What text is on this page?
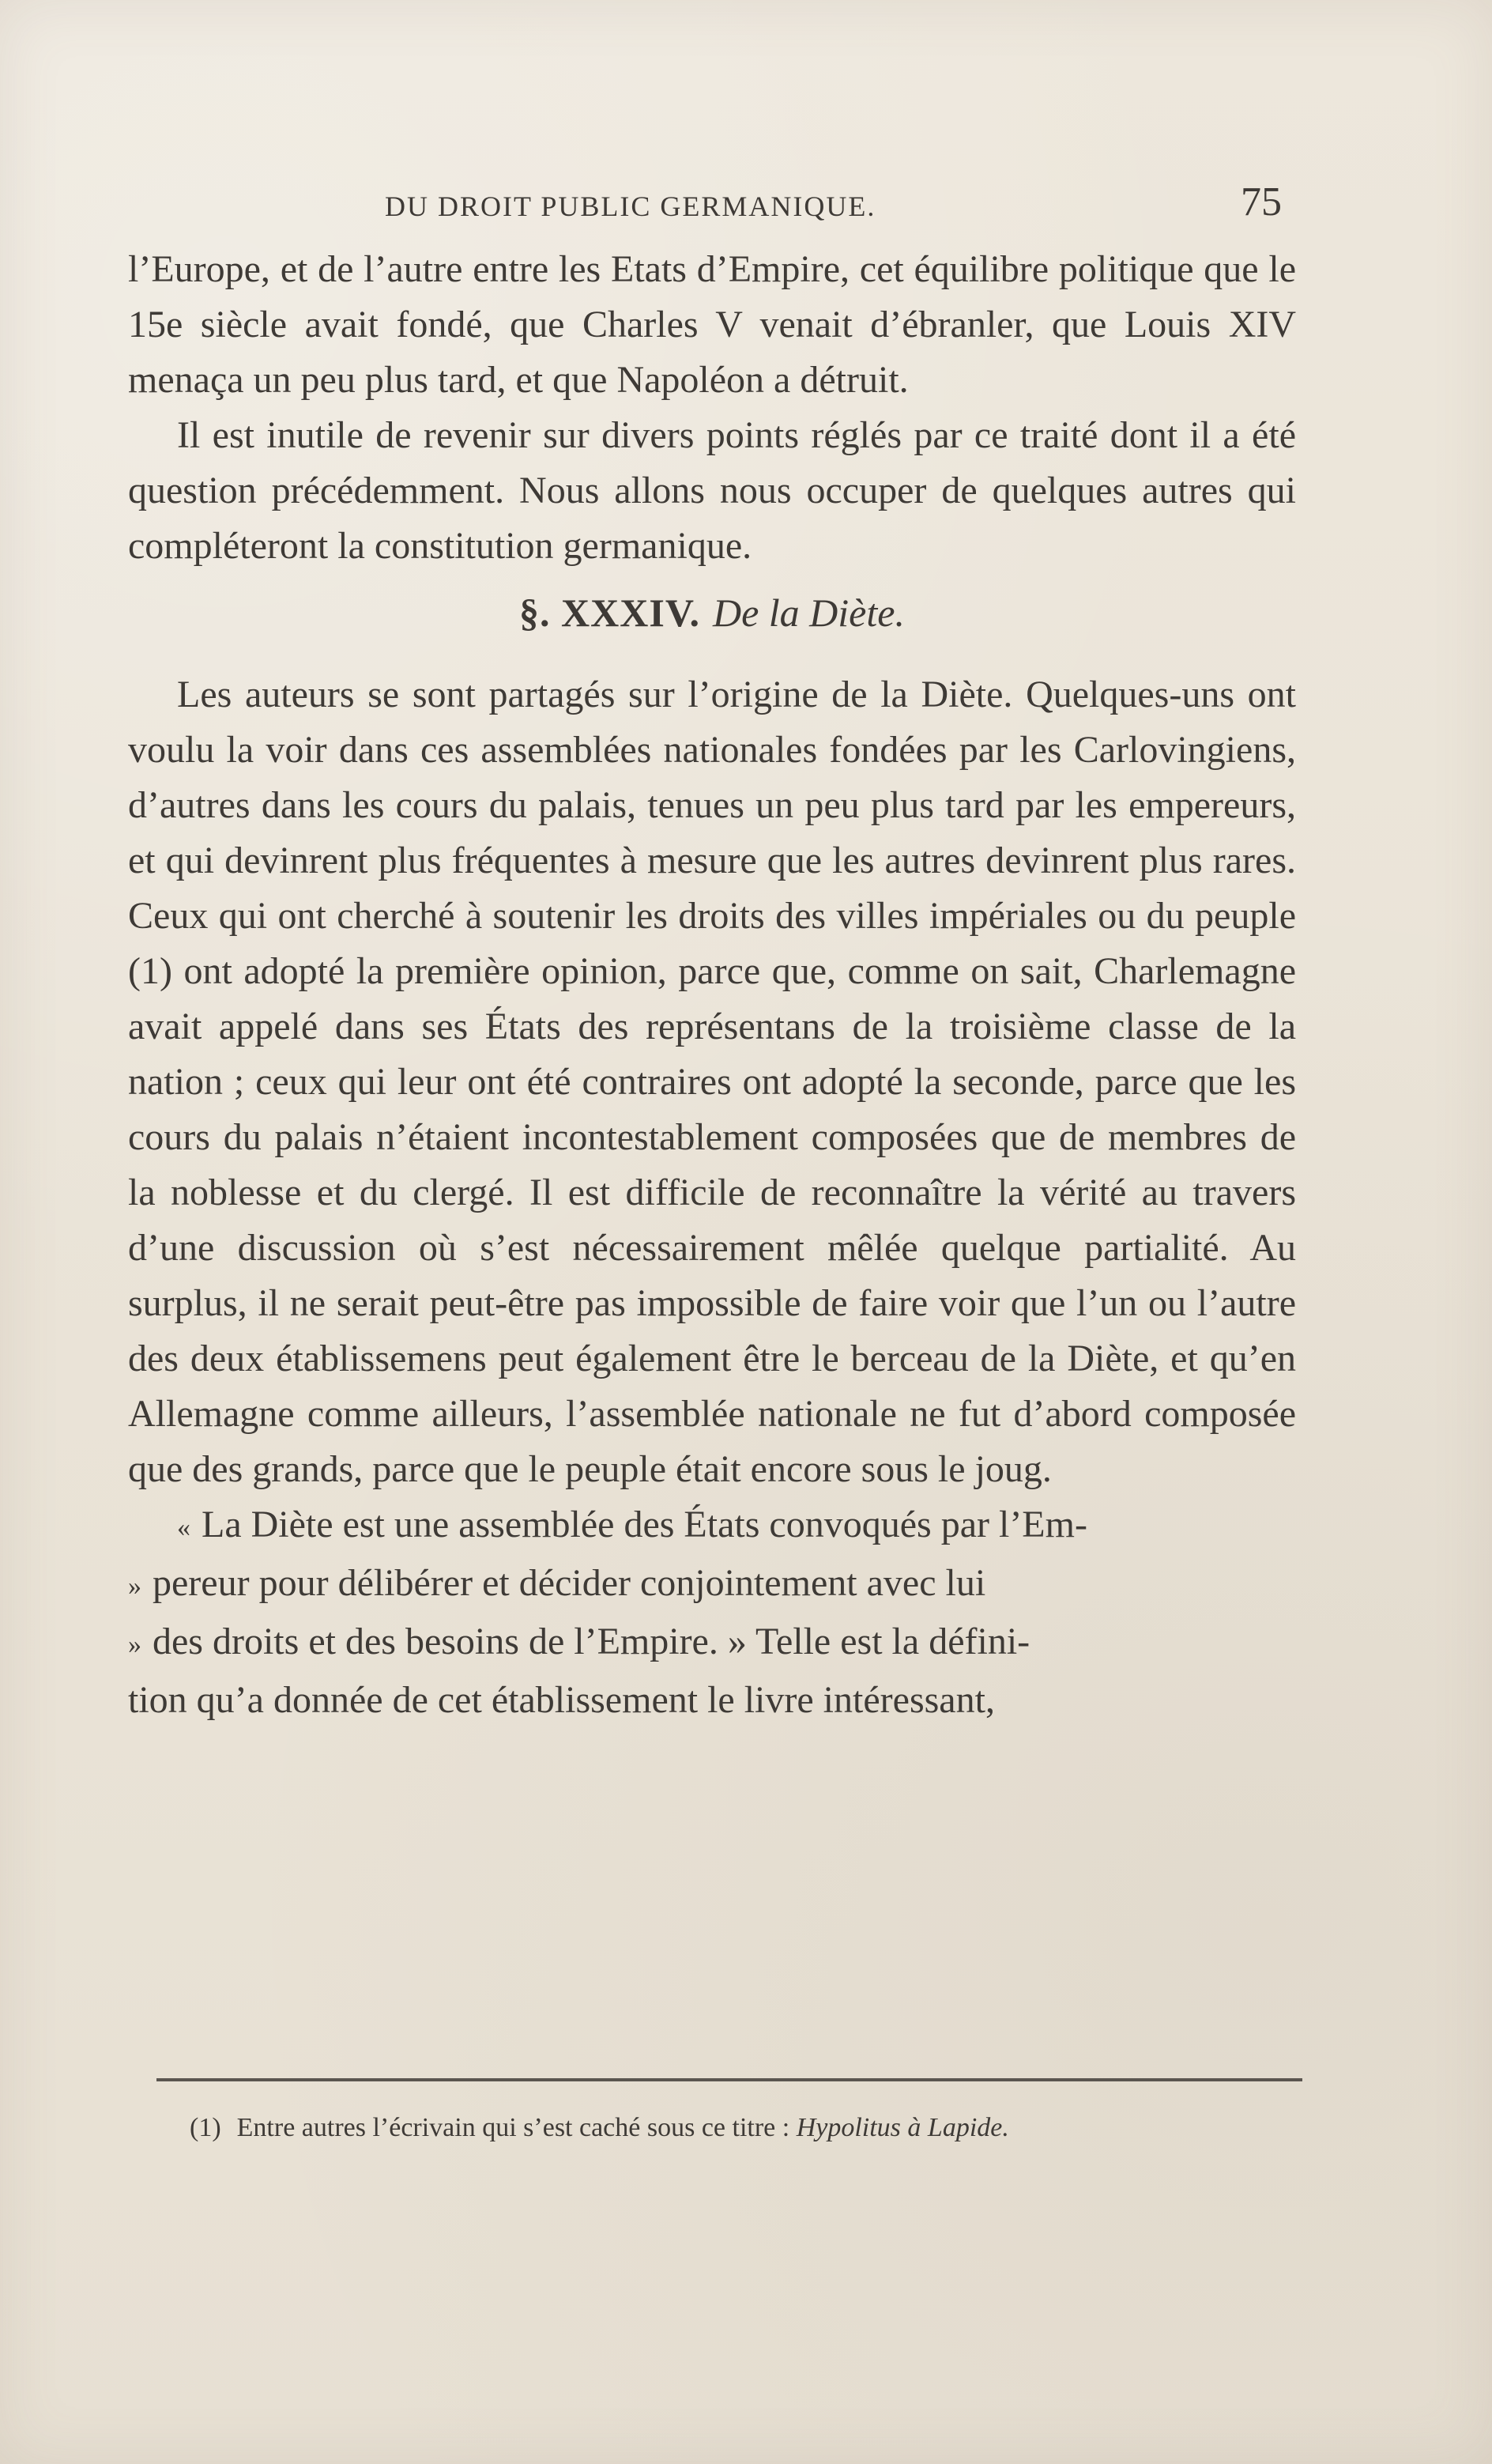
DU DROIT PUBLIC GERMANIQUE.	75

l’Europe, et de l’autre entre les Etats d’Empire, cet équilibre politique que le 15e siècle avait fondé, que Charles V venait d’ébranler, que Louis XIV menaça un peu plus tard, et que Napoléon a détruit.

Il est inutile de revenir sur divers points réglés par ce traité dont il a été question précédemment. Nous allons nous occuper de quelques autres qui compléteront la constitution germanique.

§. XXXIV. De la Diète.

Les auteurs se sont partagés sur l’origine de la Diète. Quelques-uns ont voulu la voir dans ces assemblées nationales fondées par les Carlovingiens, d’autres dans les cours du palais, tenues un peu plus tard par les empereurs, et qui devinrent plus fréquentes à mesure que les autres devinrent plus rares. Ceux qui ont cherché à soutenir les droits des villes impériales ou du peuple (1) ont adopté la première opinion, parce que, comme on sait, Charlemagne avait appelé dans ses États des représentans de la troisième classe de la nation ; ceux qui leur ont été contraires ont adopté la seconde, parce que les cours du palais n’étaient incontestablement composées que de membres de la noblesse et du clergé. Il est difficile de reconnaître la vérité au travers d’une discussion où s’est nécessairement mêlée quelque partialité. Au surplus, il ne serait peut-être pas impossible de faire voir que l’un ou l’autre des deux établissemens peut également être le berceau de la Diète, et qu’en Allemagne comme ailleurs, l’assemblée nationale ne fut d’abord composée que des grands, parce que le peuple était encore sous le joug.

« La Diète est une assemblée des États convoqués par l’Em-
» pereur pour délibérer et décider conjointement avec lui
» des droits et des besoins de l’Empire. » Telle est la défini-
tion qu’a donnée de cet établissement le livre intéressant,
(1) Entre autres l’écrivain qui s’est caché sous ce titre : Hypolitus à Lapide.
